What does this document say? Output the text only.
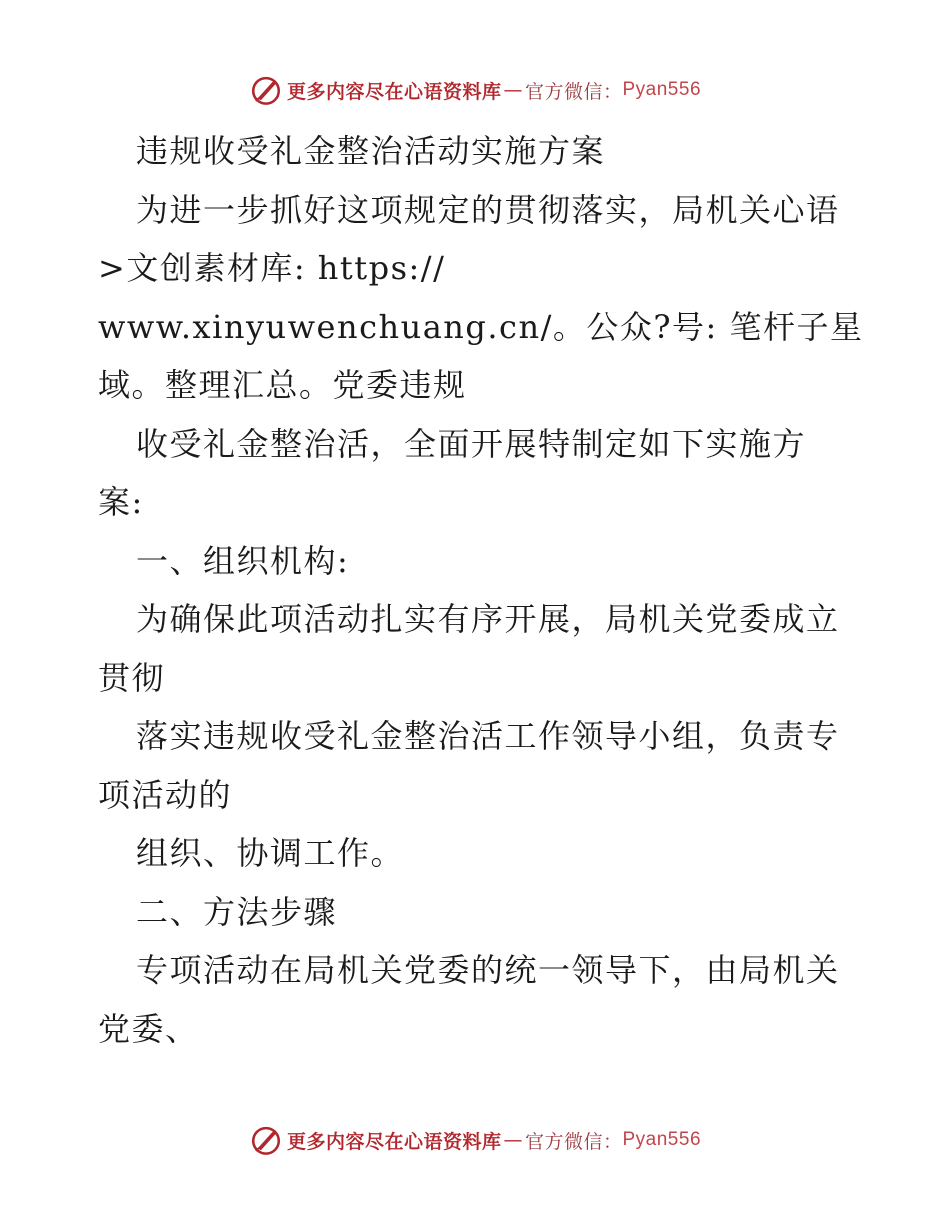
更多内容尽在心语资料库 — 官方微信： Pyan556
违规收受礼金整治活动实施方案
为进一步抓好这项规定的贯彻落实，局机关心语
>文创素材库: https://
www.xinyuwenchuang.cn/。公众?号: 笔杆子星
域。整理汇总。党委违规
收受礼金整治活，全面开展特制定如下实施方
案:
一、组织机构:
为确保此项活动扎实有序开展，局机关党委成立
贯彻
落实违规收受礼金整治活工作领导小组，负责专
项活动的
组织、协调工作。
二、方法步骤
专项活动在局机关党委的统一领导下，由局机关
党委、
更多内容尽在心语资料库 — 官方微信： Pyan556
